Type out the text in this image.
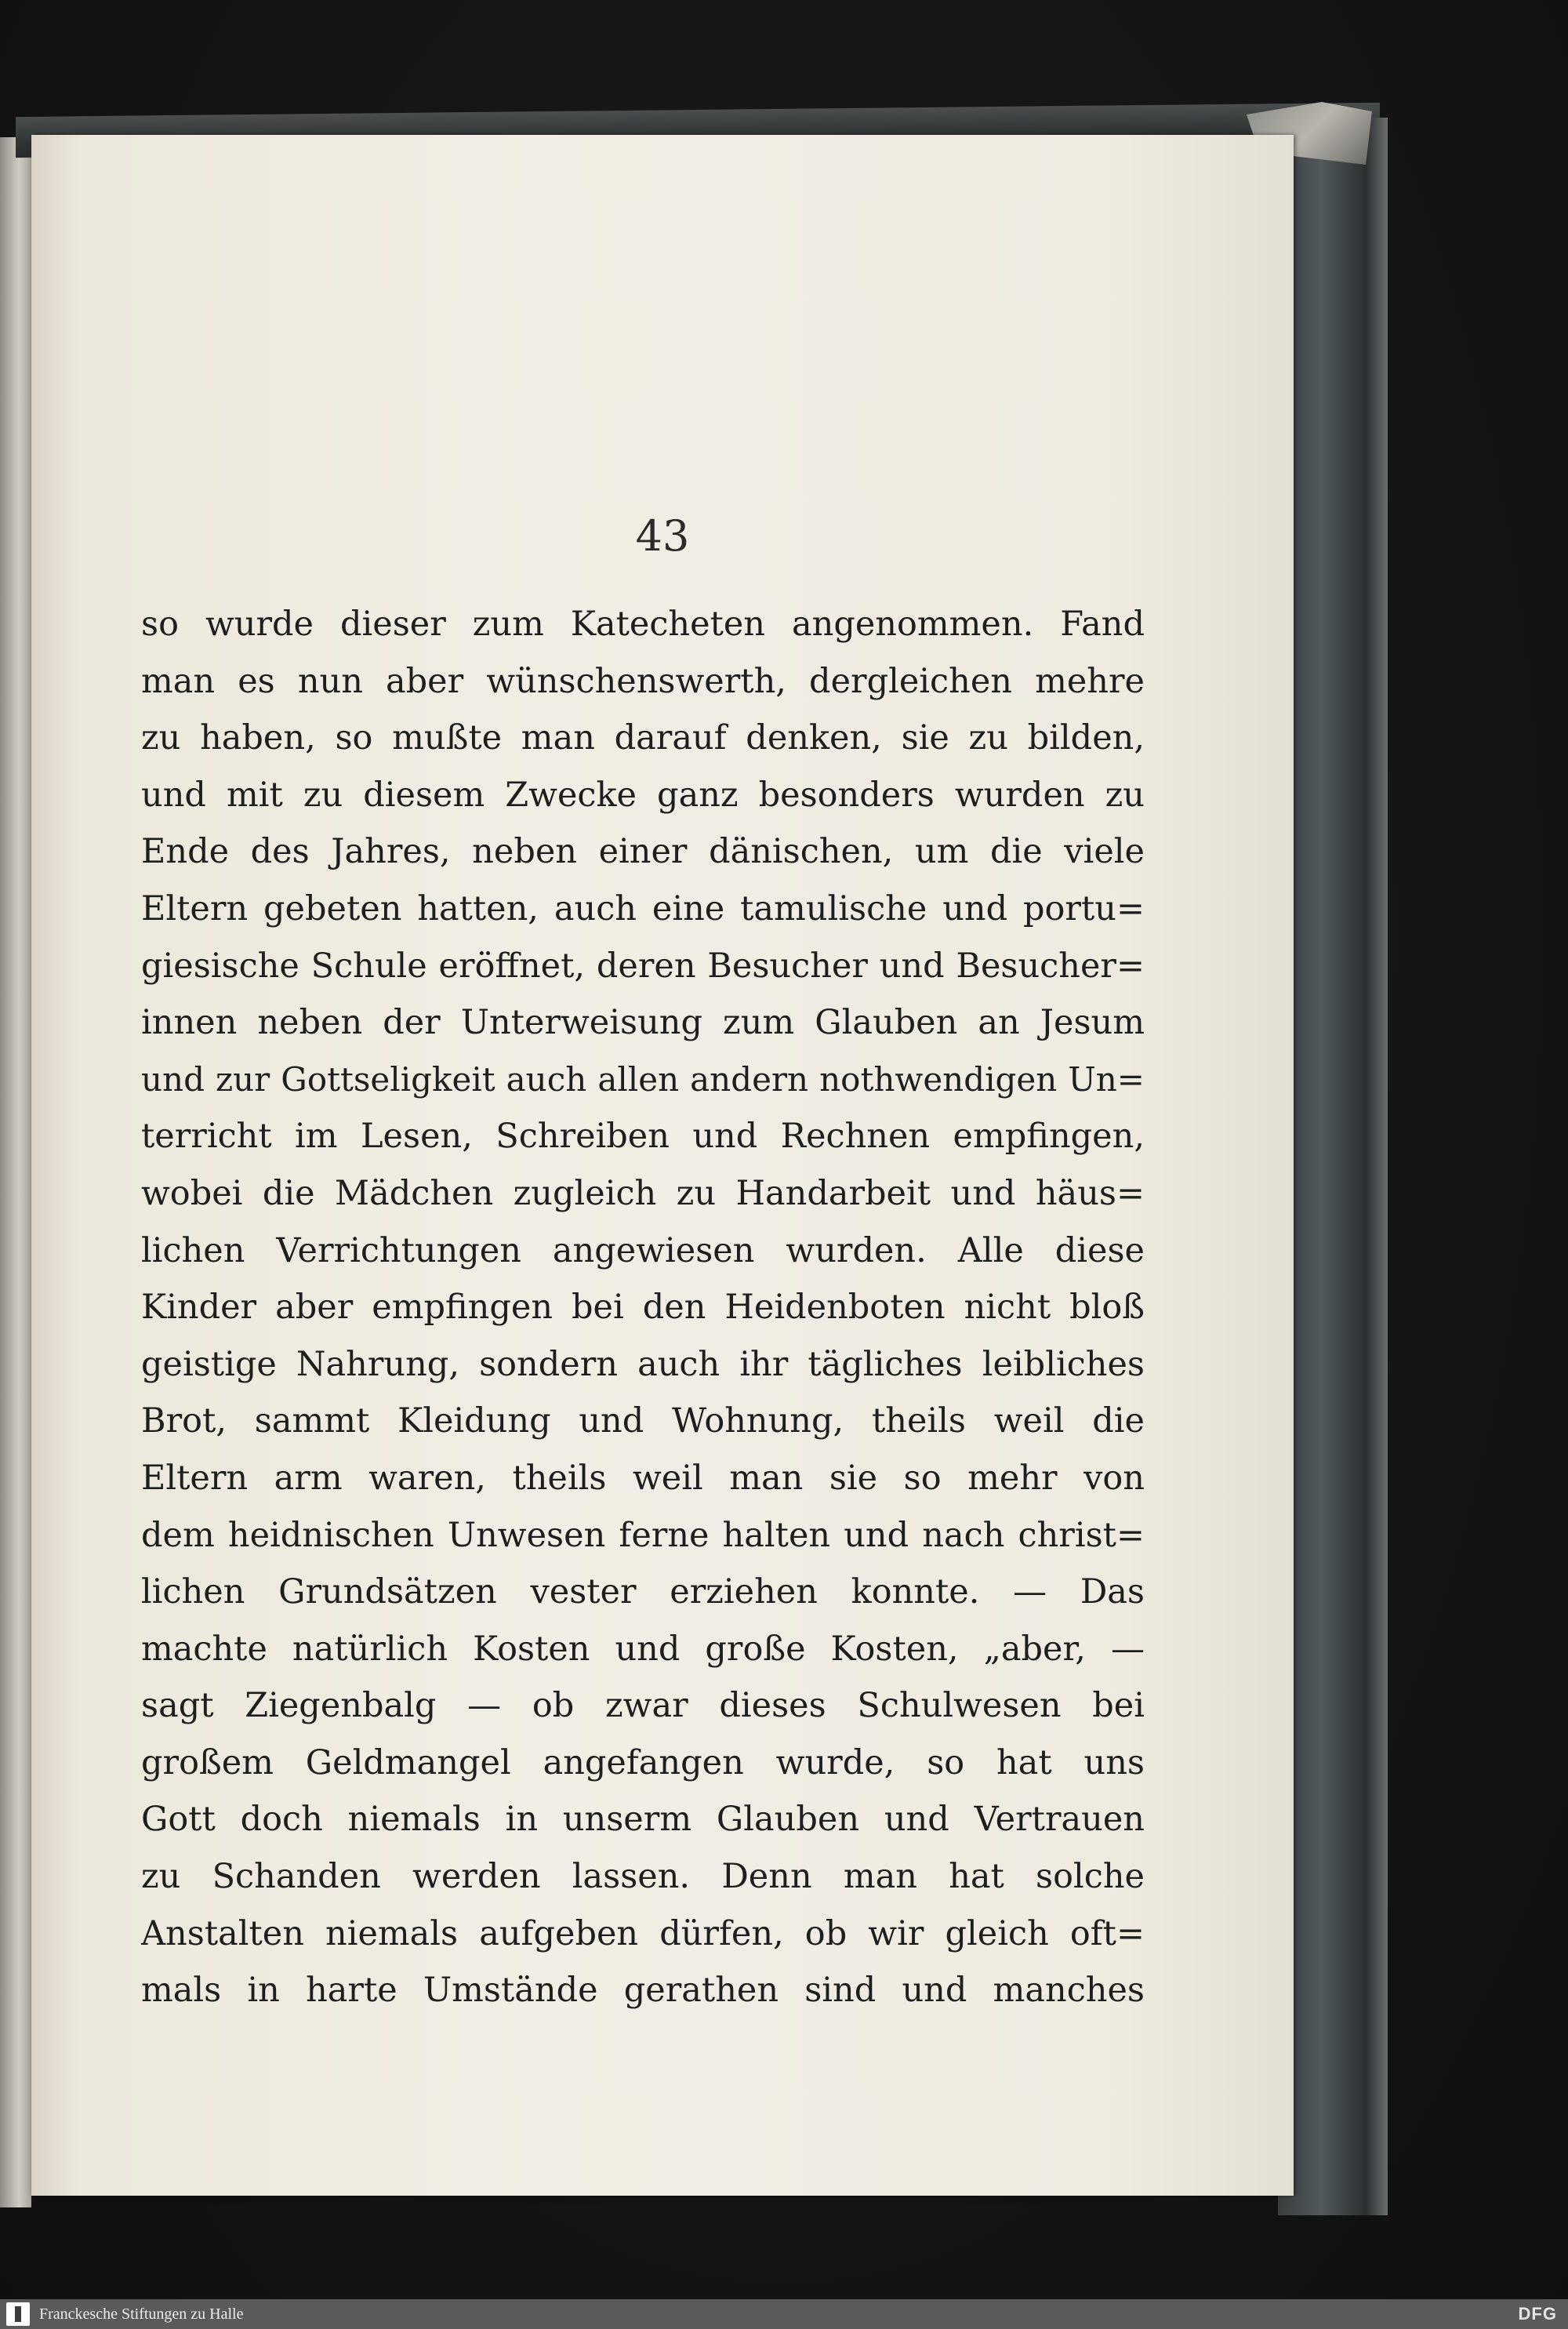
43
so wurde dieser zum Katecheten angenommen. Fand
man es nun aber wünschenswerth, dergleichen mehre
zu haben, so mußte man darauf denken, sie zu bilden,
und mit zu diesem Zwecke ganz besonders wurden zu
Ende des Jahres, neben einer dänischen, um die viele
Eltern gebeten hatten, auch eine tamulische und portu=
giesische Schule eröffnet, deren Besucher und Besucher=
innen neben der Unterweisung zum Glauben an Jesum
und zur Gottseligkeit auch allen andern nothwendigen Un=
terricht im Lesen, Schreiben und Rechnen empfingen,
wobei die Mädchen zugleich zu Handarbeit und häus=
lichen Verrichtungen angewiesen wurden. Alle diese
Kinder aber empfingen bei den Heidenboten nicht bloß
geistige Nahrung, sondern auch ihr tägliches leibliches
Brot, sammt Kleidung und Wohnung, theils weil die
Eltern arm waren, theils weil man sie so mehr von
dem heidnischen Unwesen ferne halten und nach christ=
lichen Grundsätzen vester erziehen konnte. — Das
machte natürlich Kosten und große Kosten, „aber, —
sagt Ziegenbalg — ob zwar dieses Schulwesen bei
großem Geldmangel angefangen wurde, so hat uns
Gott doch niemals in unserm Glauben und Vertrauen
zu Schanden werden lassen. Denn man hat solche
Anstalten niemals aufgeben dürfen, ob wir gleich oft=
mals in harte Umstände gerathen sind und manches
Franckesche Stiftungen zu Halle	DFG
